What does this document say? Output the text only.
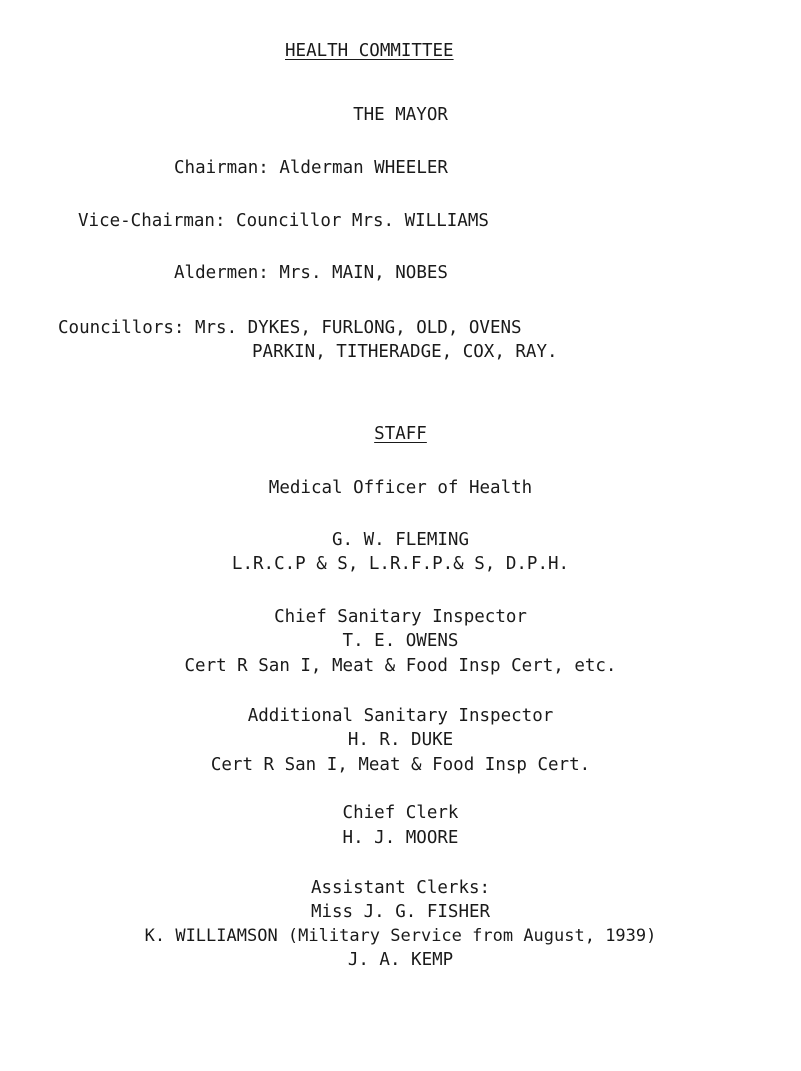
HEALTH COMMITTEE
THE MAYOR
Chairman: Alderman WHEELER
Vice-Chairman: Councillor Mrs. WILLIAMS
Aldermen: Mrs. MAIN, NOBES
Councillors: Mrs. DYKES, FURLONG, OLD, OVENS
PARKIN, TITHERADGE, COX, RAY.
STAFF
Medical Officer of Health
G. W. FLEMING
L.R.C.P & S, L.R.F.P.& S, D.P.H.
Chief Sanitary Inspector
T. E. OWENS
Cert R San I, Meat & Food Insp Cert, etc.
Additional Sanitary Inspector
H. R. DUKE
Cert R San I, Meat & Food Insp Cert.
Chief Clerk
H. J. MOORE
Assistant Clerks:
Miss J. G. FISHER
K. WILLIAMSON (Military Service from August, 1939)
J. A. KEMP
